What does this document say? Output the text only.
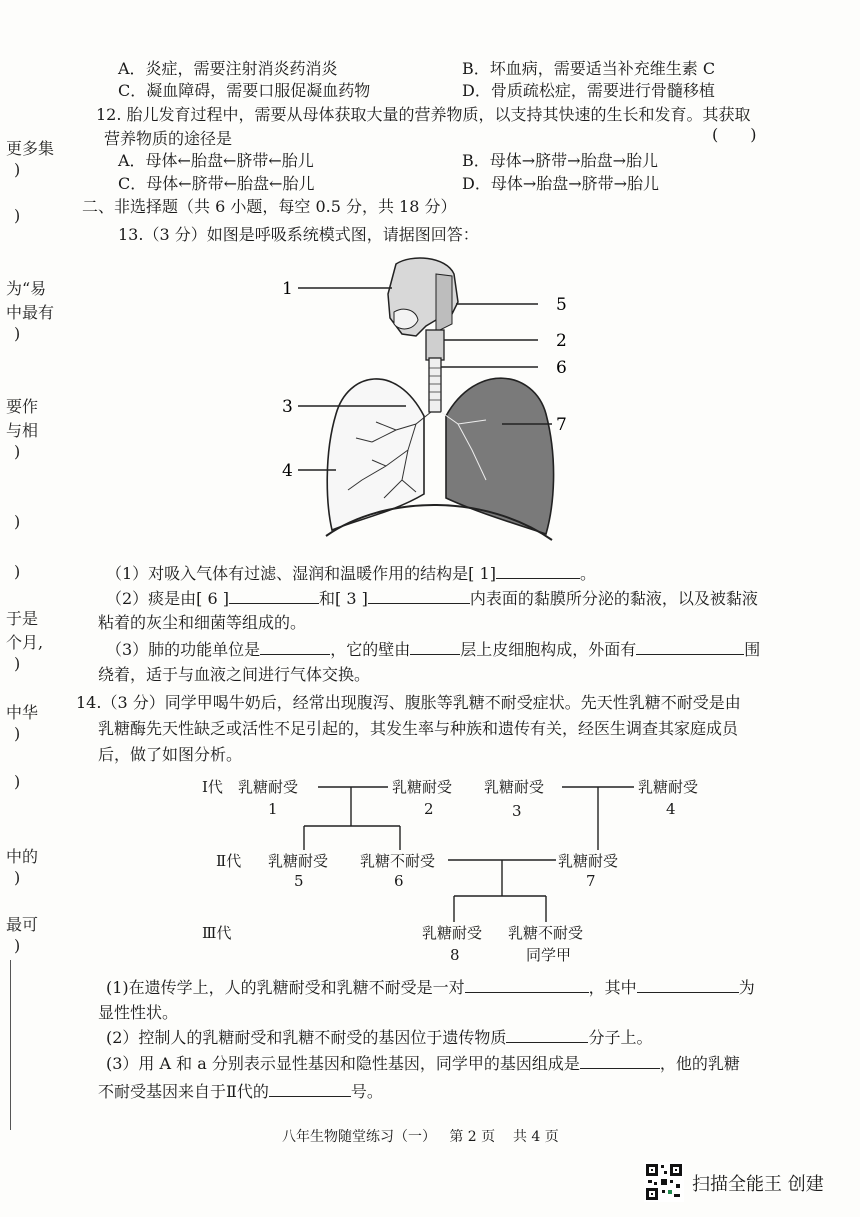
更多集
)
)
为“易
中最有
)
要作
与相
)
)
)
于是
个月,
)
中华
)
)
中的
)
最可
)
A．炎症，需要注射消炎药消炎	B．坏血病，需要适当补充维生素 C
C．凝血障碍，需要口服促凝血药物	D．骨质疏松症，需要进行骨髓移植
12. 胎儿发育过程中，需要从母体获取大量的营养物质，以支持其快速的生长和发育。其获取
营养物质的途径是	(　　)
A．母体←胎盘←脐带←胎儿	B．母体→脐带→胎盘→胎儿
C．母体←脐带←胎盘←胎儿	D．母体→胎盘→脐带→胎儿
二、非选择题（共 6 小题，每空 0.5 分，共 18 分）
13.（3 分）如图是呼吸系统模式图，请据图回答：
1
5
2
6
3
7
4
（1）对吸入气体有过滤、湿润和温暖作用的结构是[ 1]	。
（2）痰是由[ 6 ]	和[ 3 ]	内表面的黏膜所分泌的黏液，以及被黏液
粘着的灰尘和细菌等组成的。
（3）肺的功能单位是	，它的壁由	层上皮细胞构成，外面有	围
绕着，适于与血液之间进行气体交换。
14.（3 分）同学甲喝牛奶后，经常出现腹泻、腹胀等乳糖不耐受症状。先天性乳糖不耐受是由
乳糖酶先天性缺乏或活性不足引起的，其发生率与种族和遗传有关，经医生调查其家庭成员
后，做了如图分析。
I代
Ⅱ代
Ⅲ代
乳糖耐受
1
乳糖耐受
2
乳糖耐受
3
乳糖耐受
4
乳糖耐受
5
乳糖不耐受
6
乳糖耐受
7
乳糖耐受
8
乳糖不耐受
同学甲
(1)在遗传学上，人的乳糖耐受和乳糖不耐受是一对	，其中	为
显性性状。
(2）控制人的乳糖耐受和乳糖不耐受的基因位于遗传物质	分子上。
(3）用 A 和 a 分别表示显性基因和隐性基因，同学甲的基因组成是	，他的乳糖
不耐受基因来自于Ⅱ代的	号。
八年生物随堂练习（一） 第 2 页 共 4 页
扫描全能王 创建
